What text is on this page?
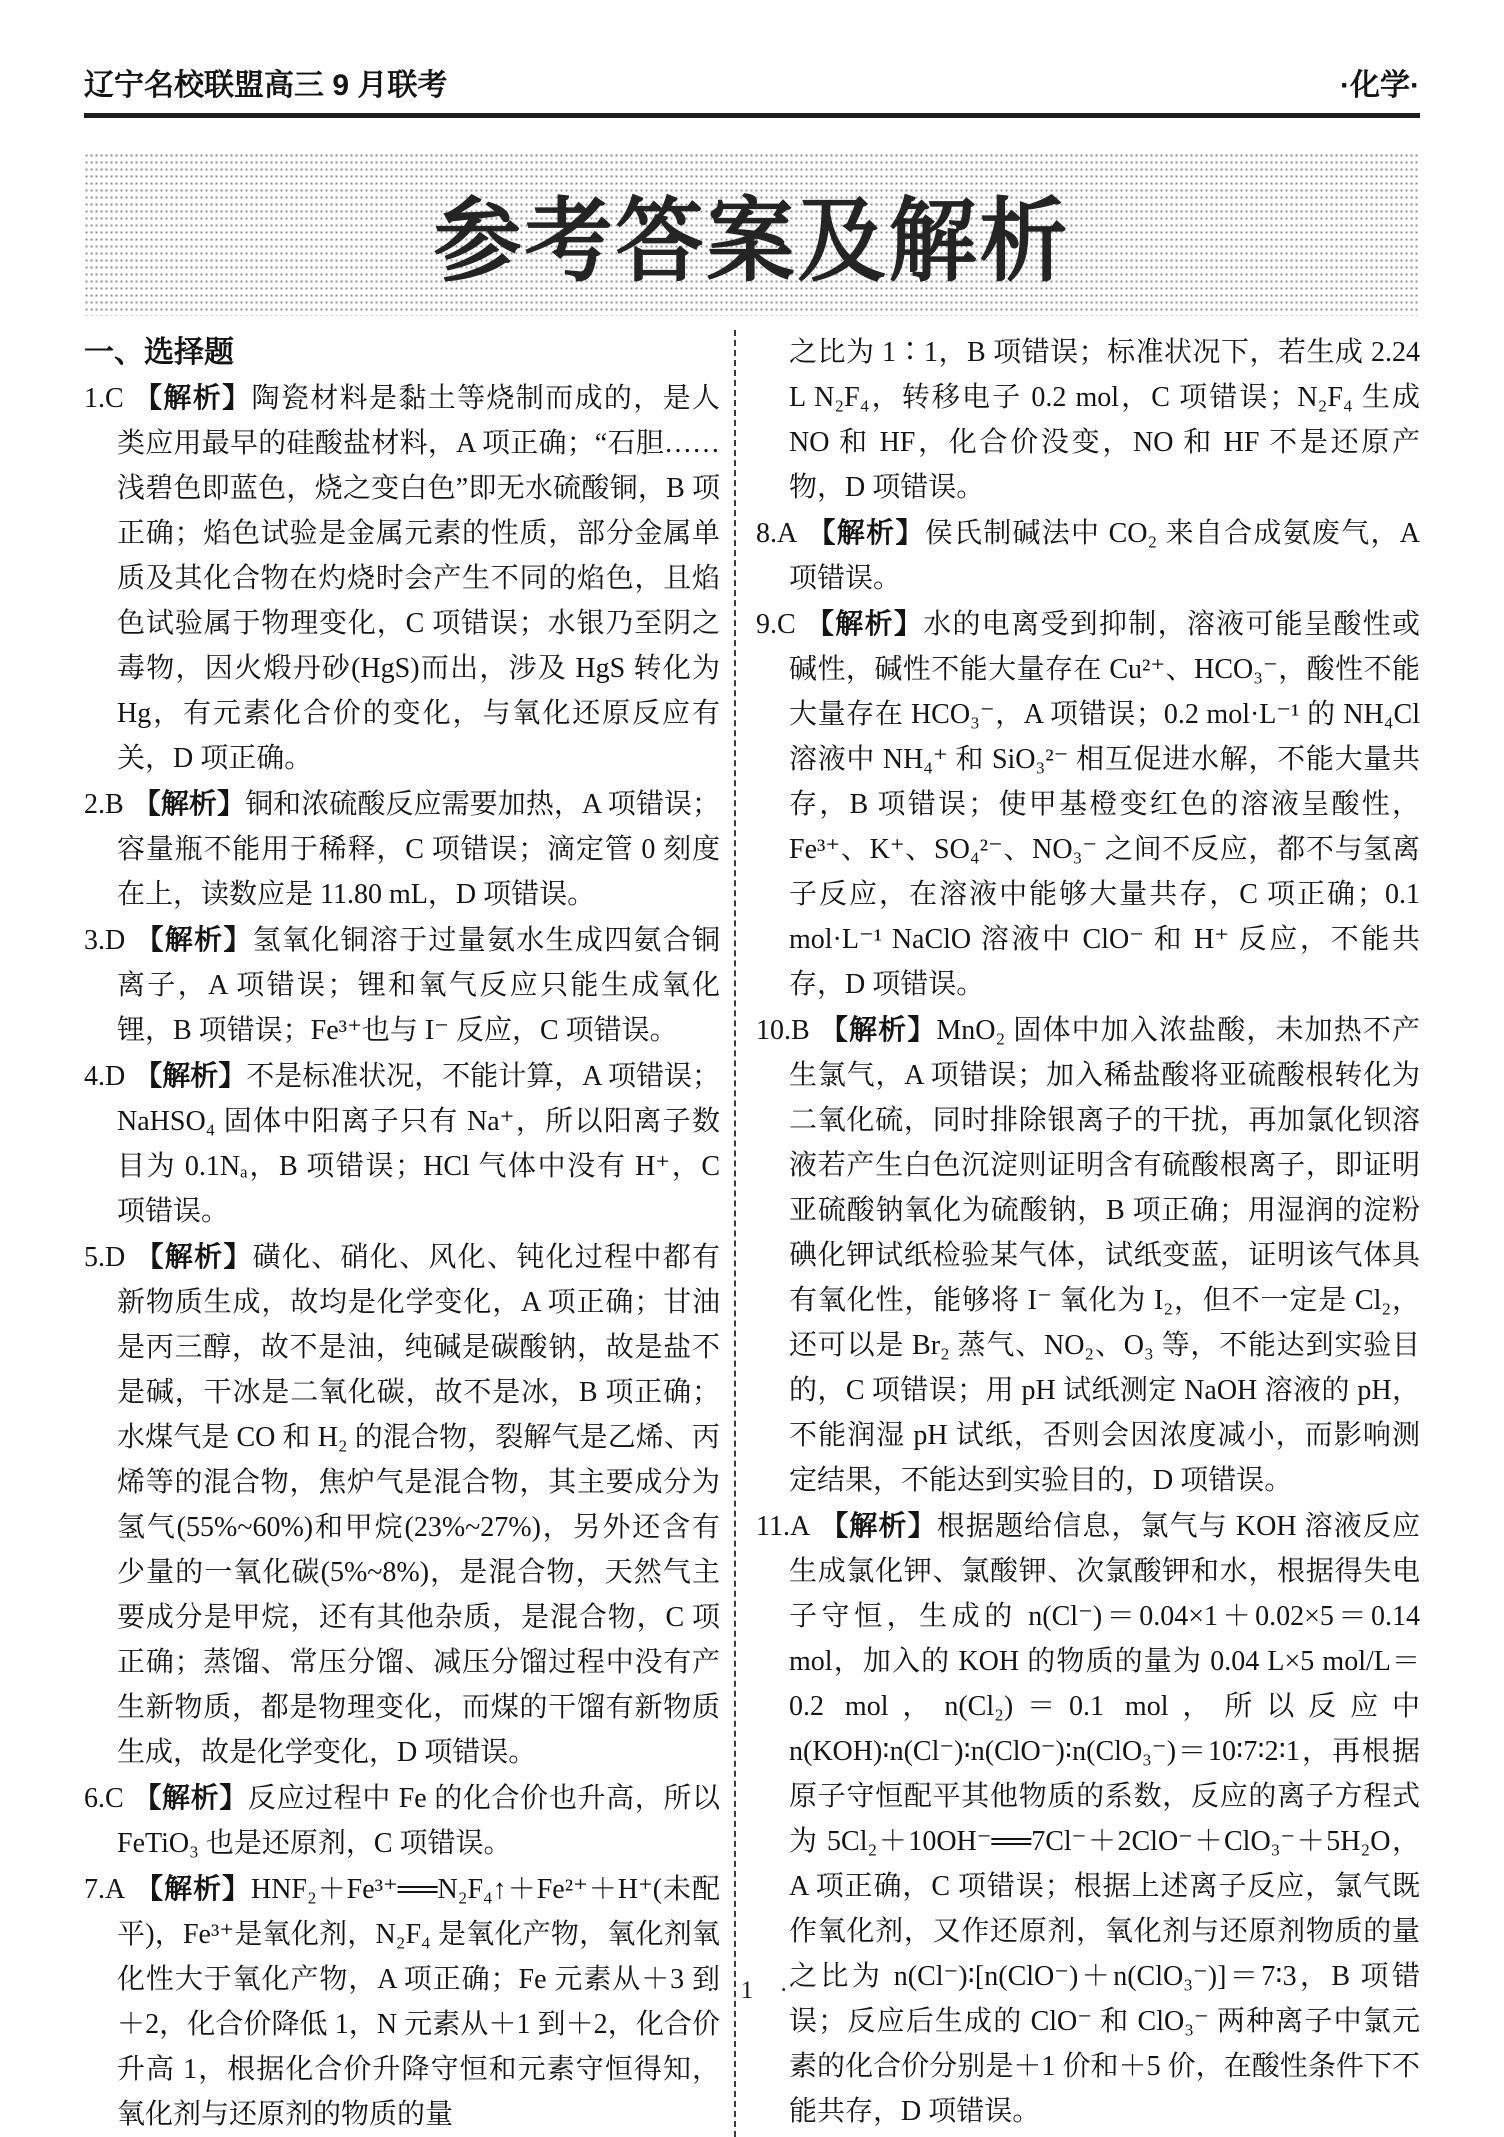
辽宁名校联盟高三 9 月联考	·化学·
参考答案及解析

一、选择题

1.C 【解析】陶瓷材料是黏土等烧制而成的，是人类应用最早的硅酸盐材料，A 项正确；“石胆……浅碧色即蓝色，烧之变白色”即无水硫酸铜，B 项正确；焰色试验是金属元素的性质，部分金属单质及其化合物在灼烧时会产生不同的焰色，且焰色试验属于物理变化，C 项错误；水银乃至阴之毒物，因火煅丹砂(HgS)而出，涉及 HgS 转化为 Hg，有元素化合价的变化，与氧化还原反应有关，D 项正确。

2.B 【解析】铜和浓硫酸反应需要加热，A 项错误；容量瓶不能用于稀释，C 项错误；滴定管 0 刻度在上，读数应是 11.80 mL，D 项错误。

3.D 【解析】氢氧化铜溶于过量氨水生成四氨合铜离子，A 项错误；锂和氧气反应只能生成氧化锂，B 项错误；Fe³⁺也与 I⁻ 反应，C 项错误。

4.D 【解析】不是标准状况，不能计算，A 项错误；NaHSO₄ 固体中阳离子只有 Na⁺，所以阳离子数目为 0.1Nₐ，B 项错误；HCl 气体中没有 H⁺，C 项错误。

5.D 【解析】磺化、硝化、风化、钝化过程中都有新物质生成，故均是化学变化，A 项正确；甘油是丙三醇，故不是油，纯碱是碳酸钠，故是盐不是碱，干冰是二氧化碳，故不是冰，B 项正确；水煤气是 CO 和 H₂ 的混合物，裂解气是乙烯、丙烯等的混合物，焦炉气是混合物，其主要成分为氢气(55%~60%)和甲烷(23%~27%)，另外还含有少量的一氧化碳(5%~8%)，是混合物，天然气主要成分是甲烷，还有其他杂质，是混合物，C 项正确；蒸馏、常压分馏、减压分馏过程中没有产生新物质，都是物理变化，而煤的干馏有新物质生成，故是化学变化，D 项错误。

6.C 【解析】反应过程中 Fe 的化合价也升高，所以 FeTiO₃ 也是还原剂，C 项错误。

7.A 【解析】HNF₂＋Fe³⁺══N₂F₄↑＋Fe²⁺＋H⁺(未配平)，Fe³⁺是氧化剂，N₂F₄ 是氧化产物，氧化剂氧化性大于氧化产物，A 项正确；Fe 元素从＋3 到＋2，化合价降低 1，N 元素从＋1 到＋2，化合价升高 1，根据化合价升降守恒和元素守恒得知，氧化剂与还原剂的物质的量

之比为 1∶1，B 项错误；标准状况下，若生成 2.24 L N₂F₄，转移电子 0.2 mol，C 项错误；N₂F₄ 生成 NO 和 HF，化合价没变，NO 和 HF 不是还原产物，D 项错误。

8.A 【解析】侯氏制碱法中 CO₂ 来自合成氨废气，A 项错误。

9.C 【解析】水的电离受到抑制，溶液可能呈酸性或碱性，碱性不能大量存在 Cu²⁺、HCO₃⁻，酸性不能大量存在 HCO₃⁻，A 项错误；0.2 mol·L⁻¹ 的 NH₄Cl 溶液中 NH₄⁺ 和 SiO₃²⁻ 相互促进水解，不能大量共存，B 项错误；使甲基橙变红色的溶液呈酸性，Fe³⁺、K⁺、SO₄²⁻、NO₃⁻ 之间不反应，都不与氢离子反应，在溶液中能够大量共存，C 项正确；0.1 mol·L⁻¹ NaClO 溶液中 ClO⁻ 和 H⁺ 反应，不能共存，D 项错误。

10.B 【解析】MnO₂ 固体中加入浓盐酸，未加热不产生氯气，A 项错误；加入稀盐酸将亚硫酸根转化为二氧化硫，同时排除银离子的干扰，再加氯化钡溶液若产生白色沉淀则证明含有硫酸根离子，即证明亚硫酸钠氧化为硫酸钠，B 项正确；用湿润的淀粉碘化钾试纸检验某气体，试纸变蓝，证明该气体具有氧化性，能够将 I⁻ 氧化为 I₂，但不一定是 Cl₂，还可以是 Br₂ 蒸气、NO₂、O₃ 等，不能达到实验目的，C 项错误；用 pH 试纸测定 NaOH 溶液的 pH，不能润湿 pH 试纸，否则会因浓度减小，而影响测定结果，不能达到实验目的，D 项错误。

11.A 【解析】根据题给信息，氯气与 KOH 溶液反应生成氯化钾、氯酸钾、次氯酸钾和水，根据得失电子守恒，生成的 n(Cl⁻)＝0.04×1＋0.02×5＝0.14 mol，加入的 KOH 的物质的量为 0.04 L×5 mol/L＝0.2 mol，n(Cl₂)＝0.1 mol，所以反应中 n(KOH)∶n(Cl⁻)∶n(ClO⁻)∶n(ClO₃⁻)＝10∶7∶2∶1，再根据原子守恒配平其他物质的系数，反应的离子方程式为 5Cl₂＋10OH⁻══7Cl⁻＋2ClO⁻＋ClO₃⁻＋5H₂O，A 项正确，C 项错误；根据上述离子反应，氯气既作氧化剂，又作还原剂，氧化剂与还原剂物质的量之比为 n(Cl⁻)∶[n(ClO⁻)＋n(ClO₃⁻)]＝7∶3，B 项错误；反应后生成的 ClO⁻ 和 ClO₃⁻ 两种离子中氯元素的化合价分别是＋1 价和＋5 价，在酸性条件下不能共存，D 项错误。

· 1 ·
